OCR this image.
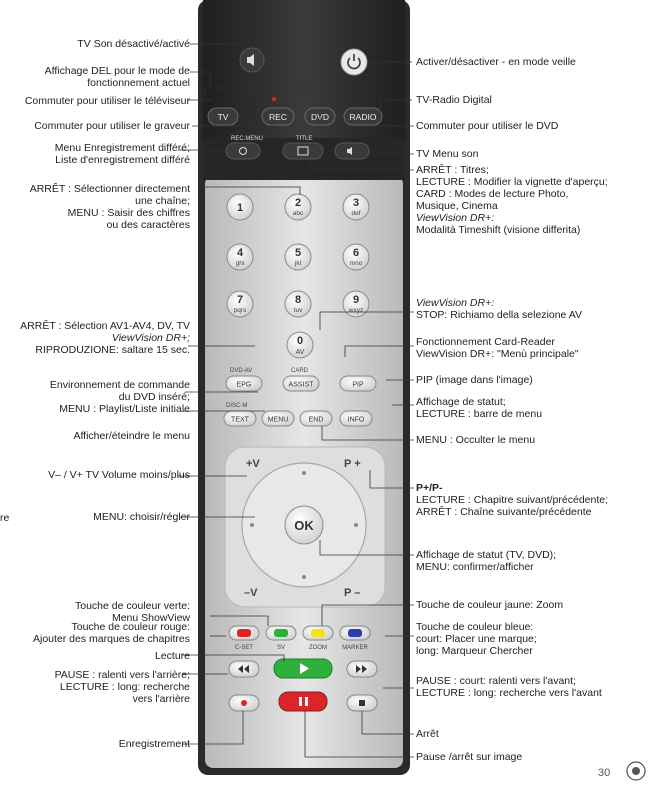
TV	REC	DVD RADIO
REC.MENU	TITLE
1	2
abc
3
def
4
ghi
5
jkl
6
mno
7
pqrs
8
tuv
9
wxyz
0
AV
EPG	ASSIST	PIP
DVD-AV	CARD
TEXT	MENU	END	INFO
DISC-M
OK
+V
–V
P +
P –
C-SET	SV	ZOOM	MARKER
TV Son désactivé/activé
Affichage DEL pour le mode de
fonctionnement actuel
Commuter pour utiliser le téléviseur
Commuter pour utiliser le graveur
Menu Enregistrement différé;
Liste d'enregistrement différé
ARRÊT : Sélectionner directement
une chaîne;
MENU : Saisir des chiffres
ou des caractères
ARRÊT : Sélection AV1-AV4, DV, TV
ViewVision DR+;
RIPRODUZIONE: saltare 15 sec.
Environnement de commande
du DVD inséré;
MENU : Playlist/Liste initiale
Afficher/éteindre le menu
V– / V+ TV Volume moins/plus
MENU: choisir/régler
Touche de couleur verte:
Menu ShowView
Touche de couleur rouge:
Ajouter des marques de chapitres
Lecture
PAUSE : ralenti vers l'arrière;
LECTURE : long: recherche
vers l'arrière
Enregistrement
Activer/désactiver - en mode veille
TV-Radio Digital
Commuter pour utiliser le DVD
TV Menu son
ARRÊT : Titres;
LECTURE : Modifier la vignette d'aperçu;
CARD : Modes de lecture Photo,
Musique, Cinema
ViewVision DR+:
Modalità Timeshift (visione differita)
ViewVision DR+:
STOP: Richiamo della selezione AV
Fonctionnement Card-Reader
ViewVision DR+: "Menù principale"
PIP (image dans l'image)
Affichage de statut;
LECTURE : barre de menu
MENU : Occulter le menu
P+/P-
LECTURE : Chapitre suivant/précédente;
ARRÊT : Chaîne suivante/précédente
Affichage de statut (TV, DVD);
MENU: confirmer/afficher
Touche de couleur jaune: Zoom
Touche de couleur bleue:
court: Placer une marque;
long: Marqueur Chercher
PAUSE : court: ralenti vers l'avant;
LECTURE : long: recherche vers l'avant
Arrêt
Pause /arrêt sur image
re
30
